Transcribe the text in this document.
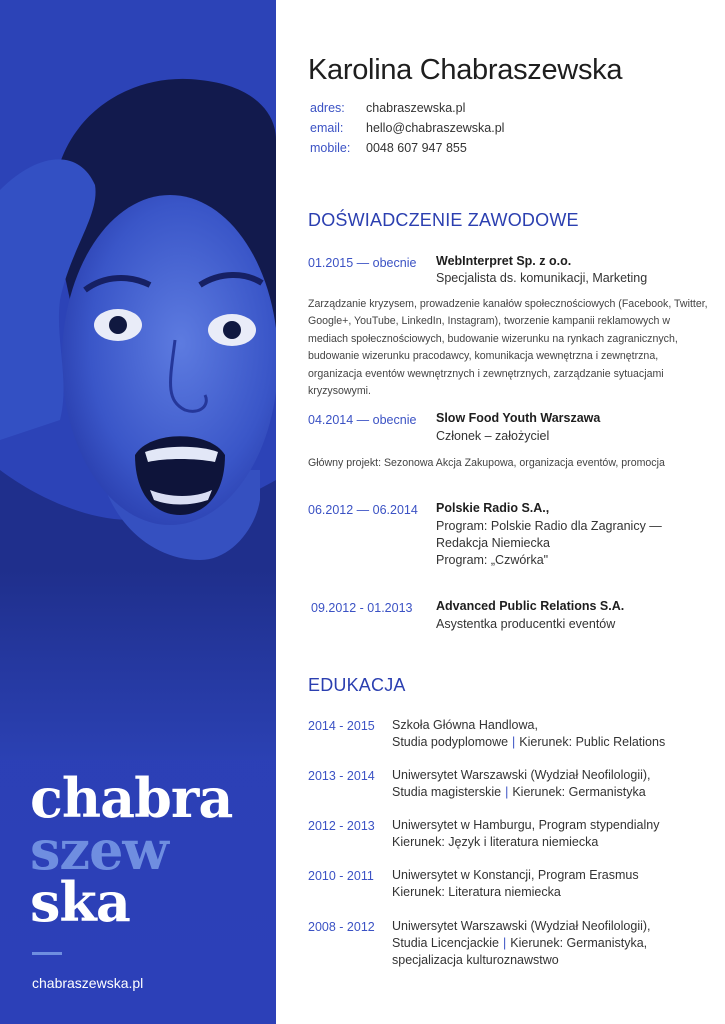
chabra
szew
ska
chabraszewska.pl
Karolina Chabraszewska
adres: chabraszewska.pl
email: hello@chabraszewska.pl
mobile: 0048 607 947 855
DOŚWIADCZENIE ZAWODOWE
01.2015 — obecnie WebInterpret Sp. z o.o.
Specjalista ds. komunikacji, Marketing
Zarządzanie kryzysem, prowadzenie kanałów społecznościowych (Facebook, Twitter, Google+, YouTube, LinkedIn, Instagram), tworzenie kampanii reklamowych w mediach społecznościowych, budowanie wizerunku na rynkach zagranicznych, budowanie wizerunku pracodawcy, komunikacja wewnętrzna i zewnętrzna, organizacja eventów wewnętrznych i zewnętrznych, zarządzanie sytuacjami kryzysowymi.
04.2014 — obecnie Slow Food Youth Warszawa
Członek – założyciel
Główny projekt: Sezonowa Akcja Zakupowa, organizacja eventów, promocja
06.2012 — 06.2014 Polskie Radio S.A.,
Program: Polskie Radio dla Zagranicy —
Redakcja Niemiecka
Program: „Czwórka"
09.2012 - 01.2013 Advanced Public Relations S.A.
Asystentka producentki eventów
EDUKACJA
2014 - 2015 Szkoła Główna Handlowa,
Studia podyplomowe | Kierunek: Public Relations
2013 - 2014 Uniwersytet Warszawski (Wydział Neofilologii),
Studia magisterskie | Kierunek: Germanistyka
2012 - 2013 Uniwersytet w Hamburgu, Program stypendialny
Kierunek: Język i literatura niemiecka
2010 - 2011 Uniwersytet w Konstancji, Program Erasmus
Kierunek: Literatura niemiecka
2008 - 2012 Uniwersytet Warszawski (Wydział Neofilologii),
Studia Licencjackie | Kierunek: Germanistyka,
specjalizacja kulturoznawstwo
